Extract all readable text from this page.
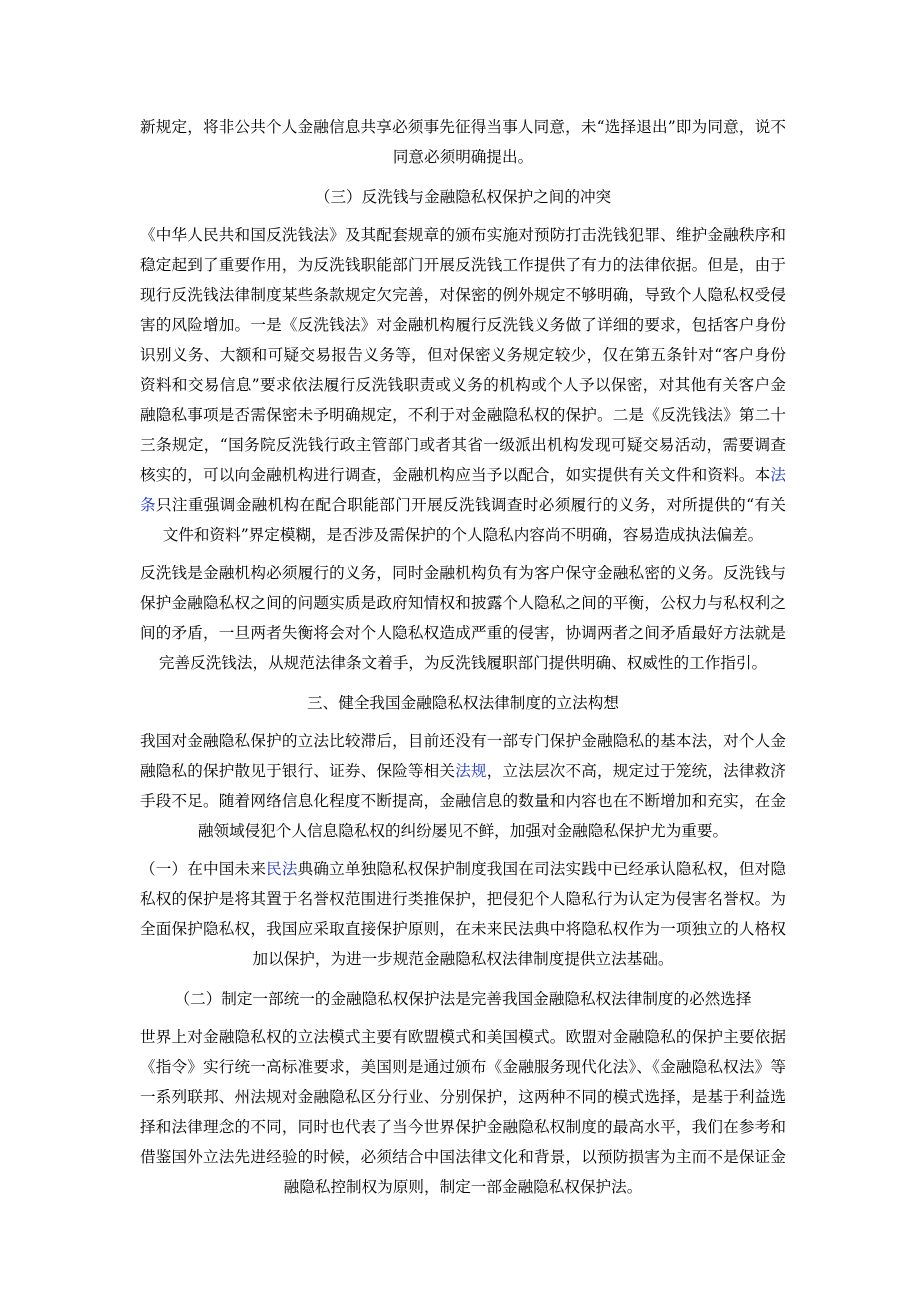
新规定，将非公共个人金融信息共享必须事先征得当事人同意，未“选择退出”即为同意，说不同意必须明确提出。

（三）反洗钱与金融隐私权保护之间的冲突

《中华人民共和国反洗钱法》及其配套规章的颁布实施对预防打击洗钱犯罪、维护金融秩序和稳定起到了重要作用，为反洗钱职能部门开展反洗钱工作提供了有力的法律依据。但是，由于现行反洗钱法律制度某些条款规定欠完善，对保密的例外规定不够明确，导致个人隐私权受侵害的风险增加。一是《反洗钱法》对金融机构履行反洗钱义务做了详细的要求，包括客户身份识别义务、大额和可疑交易报告义务等，但对保密义务规定较少，仅在第五条针对“客户身份资料和交易信息”要求依法履行反洗钱职责或义务的机构或个人予以保密，对其他有关客户金融隐私事项是否需保密未予明确规定，不利于对金融隐私权的保护。二是《反洗钱法》第二十三条规定，“国务院反洗钱行政主管部门或者其省一级派出机构发现可疑交易活动，需要调查核实的，可以向金融机构进行调查，金融机构应当予以配合，如实提供有关文件和资料。本法条只注重强调金融机构在配合职能部门开展反洗钱调查时必须履行的义务，对所提供的“有关文件和资料”界定模糊，是否涉及需保护的个人隐私内容尚不明确，容易造成执法偏差。

反洗钱是金融机构必须履行的义务，同时金融机构负有为客户保守金融私密的义务。反洗钱与保护金融隐私权之间的问题实质是政府知情权和披露个人隐私之间的平衡，公权力与私权利之间的矛盾，一旦两者失衡将会对个人隐私权造成严重的侵害，协调两者之间矛盾最好方法就是完善反洗钱法，从规范法律条文着手，为反洗钱履职部门提供明确、权威性的工作指引。

三、健全我国金融隐私权法律制度的立法构想

我国对金融隐私保护的立法比较滞后，目前还没有一部专门保护金融隐私的基本法，对个人金融隐私的保护散见于银行、证券、保险等相关法规，立法层次不高，规定过于笼统，法律救济手段不足。随着网络信息化程度不断提高，金融信息的数量和内容也在不断增加和充实，在金融领域侵犯个人信息隐私权的纠纷屡见不鲜，加强对金融隐私保护尤为重要。

（一）在中国未来民法典确立单独隐私权保护制度我国在司法实践中已经承认隐私权，但对隐私权的保护是将其置于名誉权范围进行类推保护，把侵犯个人隐私行为认定为侵害名誉权。为全面保护隐私权，我国应采取直接保护原则，在未来民法典中将隐私权作为一项独立的人格权加以保护，为进一步规范金融隐私权法律制度提供立法基础。

（二）制定一部统一的金融隐私权保护法是完善我国金融隐私权法律制度的必然选择

世界上对金融隐私权的立法模式主要有欧盟模式和美国模式。欧盟对金融隐私的保护主要依据《指令》实行统一高标准要求，美国则是通过颁布《金融服务现代化法》、《金融隐私权法》等一系列联邦、州法规对金融隐私区分行业、分别保护，这两种不同的模式选择，是基于利益选择和法律理念的不同，同时也代表了当今世界保护金融隐私权制度的最高水平，我们在参考和借鉴国外立法先进经验的时候，必须结合中国法律文化和背景，以预防损害为主而不是保证金融隐私控制权为原则，制定一部金融隐私权保护法。
